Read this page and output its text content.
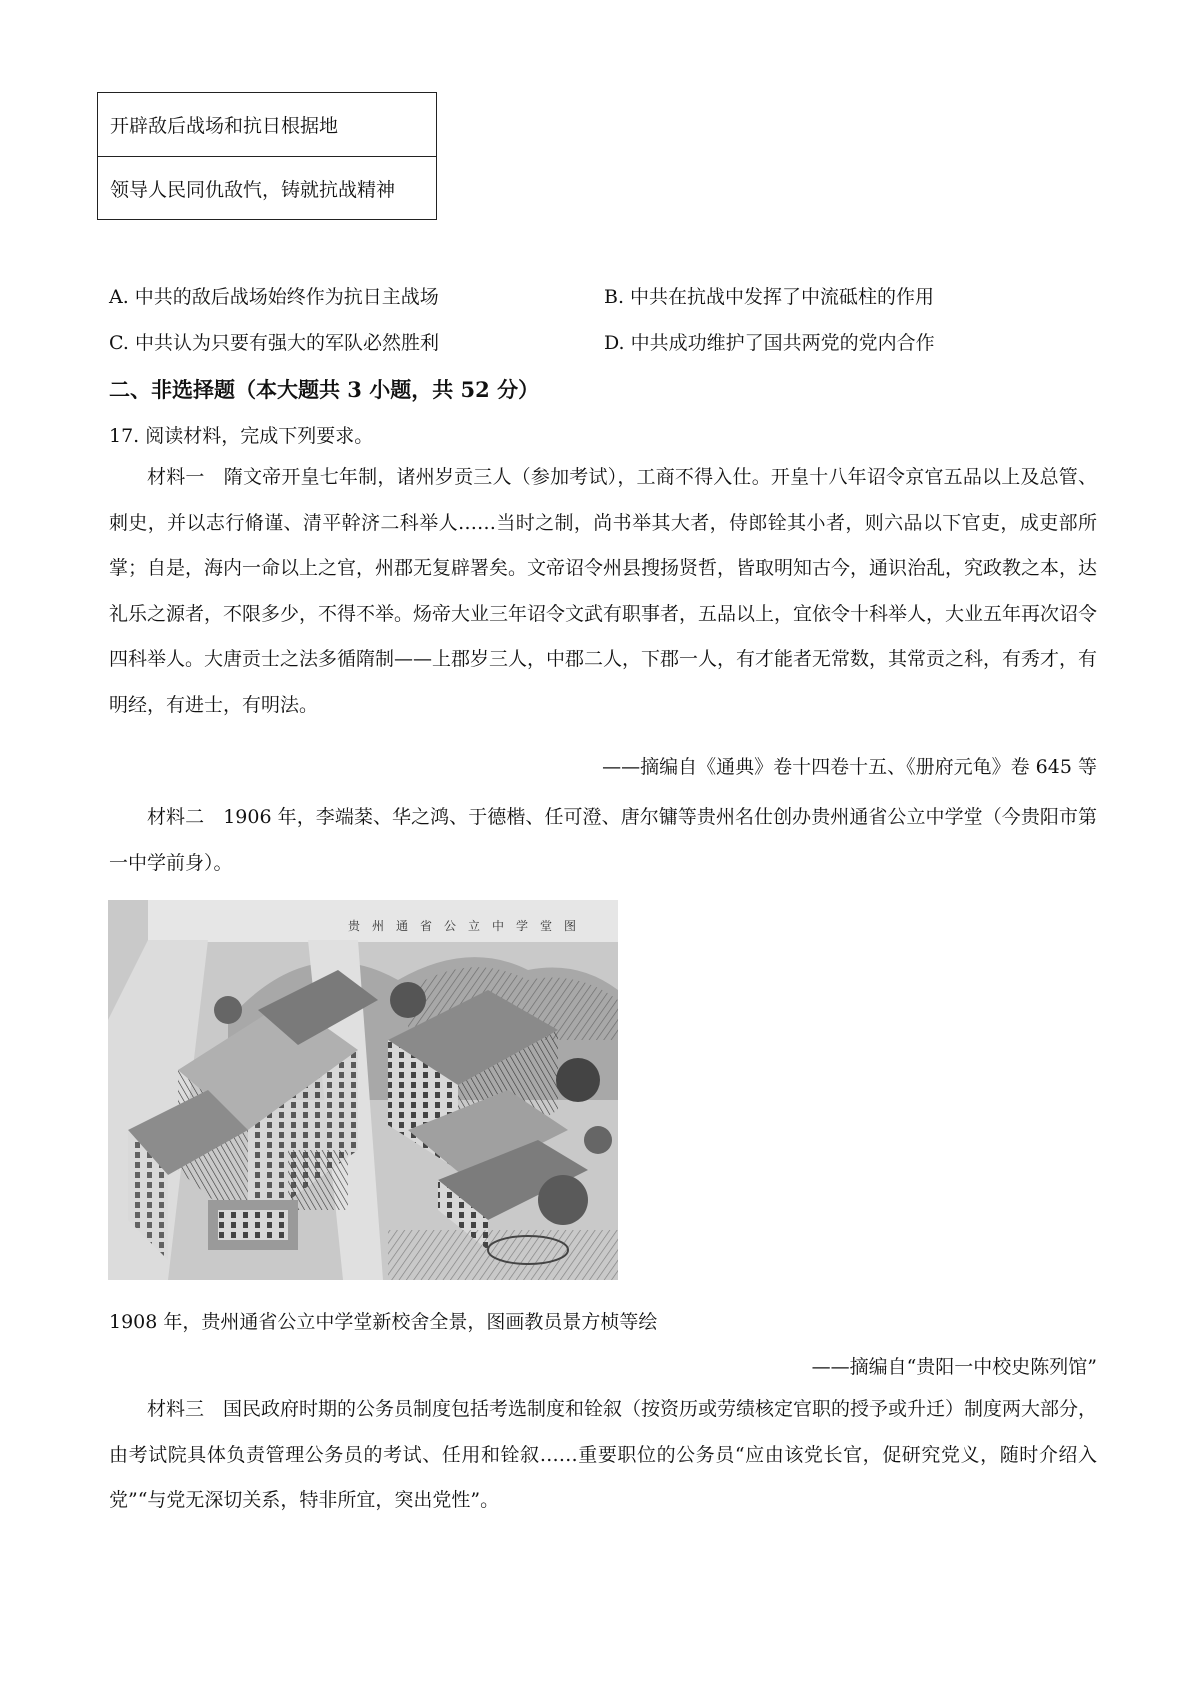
开辟敌后战场和抗日根据地
领导人民同仇敌忾，铸就抗战精神
A. 中共的敌后战场始终作为抗日主战场	B. 中共在抗战中发挥了中流砥柱的作用
C. 中共认为只要有强大的军队必然胜利	D. 中共成功维护了国共两党的党内合作
二、非选择题（本大题共 3 小题，共 52 分）
17. 阅读材料，完成下列要求。
材料一　隋文帝开皇七年制，诸州岁贡三人（参加考试），工商不得入仕。开皇十八年诏令京官五品以上及总管、刺史，并以志行脩谨、清平幹济二科举人……当时之制，尚书举其大者，侍郎铨其小者，则六品以下官吏，成吏部所掌；自是，海内一命以上之官，州郡无复辟署矣。文帝诏令州县搜扬贤哲，皆取明知古今，通识治乱，究政教之本，达礼乐之源者，不限多少，不得不举。炀帝大业三年诏令文武有职事者，五品以上，宜依令十科举人，大业五年再次诏令四科举人。大唐贡士之法多循隋制——上郡岁三人，中郡二人，下郡一人，有才能者无常数，其常贡之科，有秀才，有明经，有进士，有明法。
——摘编自《通典》卷十四卷十五、《册府元龟》卷 645 等
材料二　1906 年，李端棻、华之鸿、于德楷、任可澄、唐尔镛等贵州名仕创办贵州通省公立中学堂（今贵阳市第一中学前身）。
贵州通省公立中学堂图
1908 年，贵州通省公立中学堂新校舍全景，图画教员景方桢等绘
——摘编自“贵阳一中校史陈列馆”
材料三　国民政府时期的公务员制度包括考选制度和铨叙（按资历或劳绩核定官职的授予或升迁）制度两大部分，由考试院具体负责管理公务员的考试、任用和铨叙……重要职位的公务员“应由该党长官，促研究党义，随时介绍入党”“与党无深切关系，特非所宜，突出党性”。
